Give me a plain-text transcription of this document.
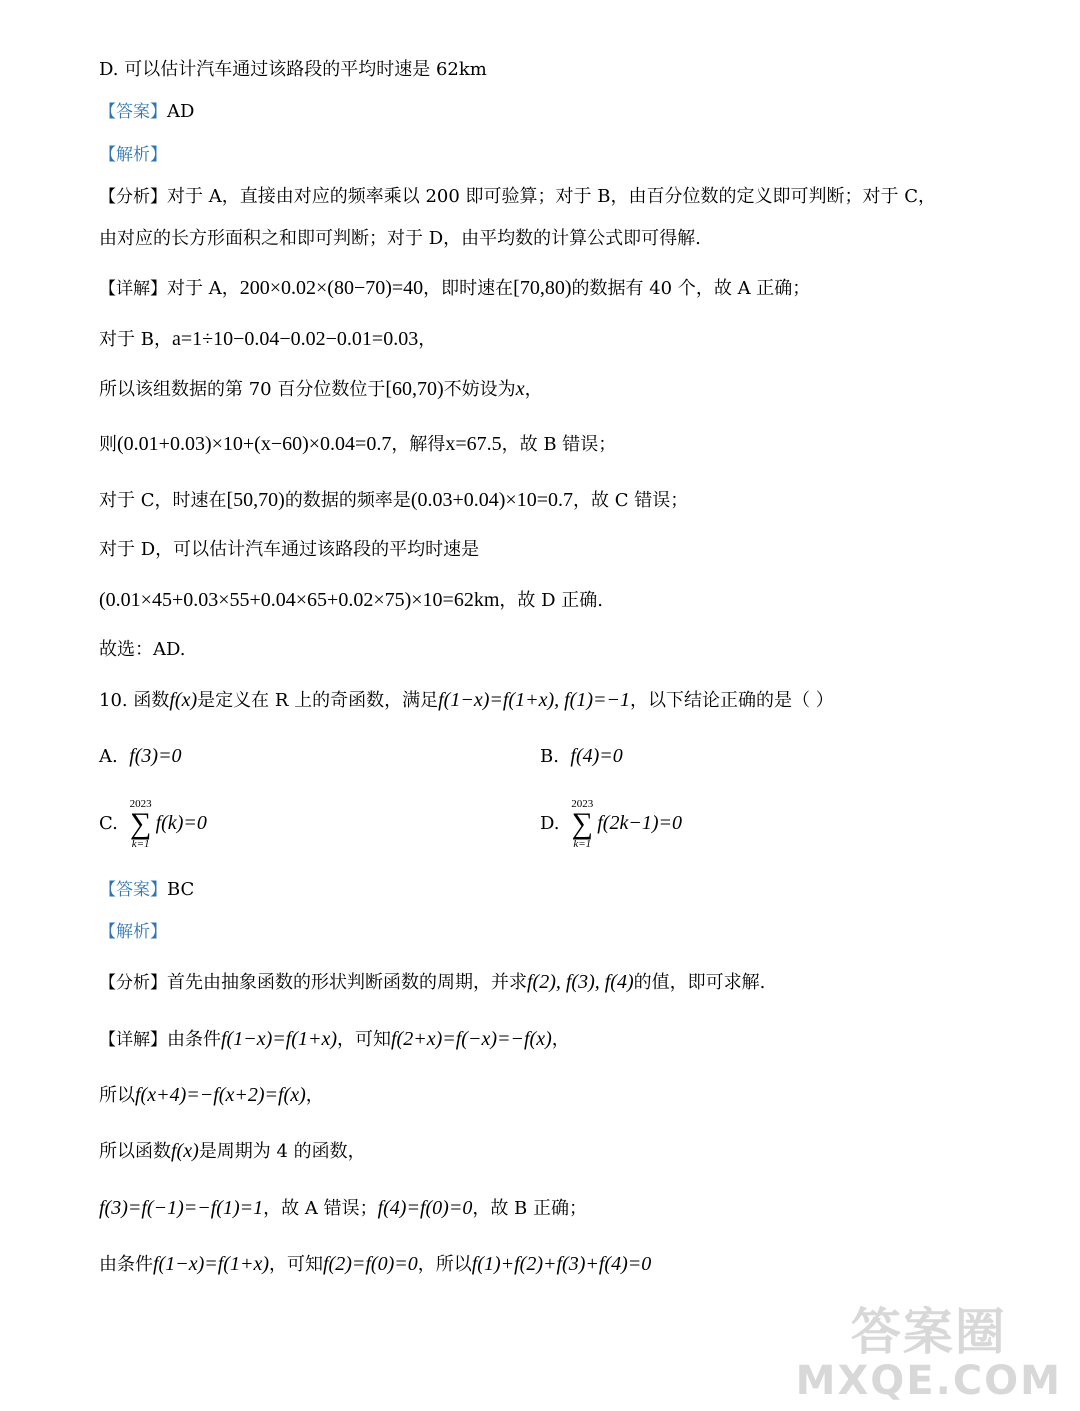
D. 可以估计汽车通过该路段的平均时速是 62km
【答案】AD
【解析】
【分析】对于 A，直接由对应的频率乘以 200 即可验算；对于 B，由百分位数的定义即可判断；对于 C，
由对应的长方形面积之和即可判断；对于 D，由平均数的计算公式即可得解.
【详解】对于 A，200×0.02×(80−70)=40，即时速在[70,80)的数据有 40 个，故 A 正确；
对于 B，a=1÷10−0.04−0.02−0.01=0.03，
所以该组数据的第 70 百分位数位于[60,70)不妨设为x，
则(0.01+0.03)×10+(x−60)×0.04=0.7，解得x=67.5，故 B 错误；
对于 C，时速在[50,70)的数据的频率是(0.03+0.04)×10=0.7，故 C 错误；
对于 D，可以估计汽车通过该路段的平均时速是
(0.01×45+0.03×55+0.04×65+0.02×75)×10=62km，故 D 正确.
故选：AD.
10. 函数f(x)是定义在 R 上的奇函数，满足f(1−x)=f(1+x), f(1)=−1，以下结论正确的是（ ）
A. f(3)=0	B. f(4)=0
C.
2023
∑
k=1
f(k)=0	D.
2023
∑
k=1
f(2k−1)=0
【答案】BC
【解析】
【分析】首先由抽象函数的形状判断函数的周期，并求f(2), f(3), f(4)的值，即可求解.
【详解】由条件f(1−x)=f(1+x)，可知f(2+x)=f(−x)=−f(x)，
所以f(x+4)=−f(x+2)=f(x)，
所以函数f(x)是周期为 4 的函数，
f(3)=f(−1)=−f(1)=1，故 A 错误；f(4)=f(0)=0，故 B 正确；
由条件f(1−x)=f(1+x)，可知f(2)=f(0)=0，所以f(1)+f(2)+f(3)+f(4)=0
答案圈
MXQE.COM
